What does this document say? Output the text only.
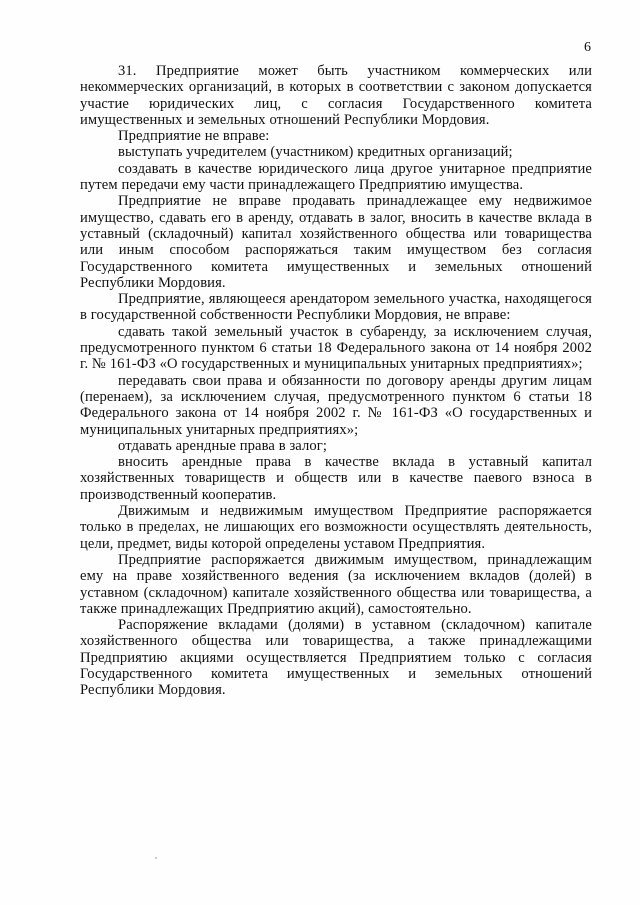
6

31. Предприятие может быть участником коммерческих или некоммерческих организаций, в которых в соответствии с законом допускается участие юридических лиц, с согласия Государственного комитета имущественных и земельных отношений Республики Мордовия.

Предприятие не вправе:

выступать учредителем (участником) кредитных организаций;

создавать в качестве юридического лица другое унитарное предприятие путем передачи ему части принадлежащего Предприятию имущества.

Предприятие не вправе продавать принадлежащее ему недвижимое имущество, сдавать его в аренду, отдавать в залог, вносить в качестве вклада в уставный (складочный) капитал хозяйственного общества или товарищества или иным способом распоряжаться таким имуществом без согласия Государственного комитета имущественных и земельных отношений Республики Мордовия.

Предприятие, являющееся арендатором земельного участка, находящегося в государственной собственности Республики Мордовия, не вправе:

сдавать такой земельный участок в субаренду, за исключением случая, предусмотренного пунктом 6 статьи 18 Федерального закона от 14 ноября 2002 г. № 161-ФЗ «О государственных и муниципальных унитарных предприятиях»;

передавать свои права и обязанности по договору аренды другим лицам (перенаем), за исключением случая, предусмотренного пунктом 6 статьи 18 Федерального закона от 14 ноября 2002 г. № 161-ФЗ «О государственных и муниципальных унитарных предприятиях»;

отдавать арендные права в залог;

вносить арендные права в качестве вклада в уставный капитал хозяйственных товариществ и обществ или в качестве паевого взноса в производственный кооператив.

Движимым и недвижимым имуществом Предприятие распоряжается только в пределах, не лишающих его возможности осуществлять деятельность, цели, предмет, виды которой определены уставом Предприятия.

Предприятие распоряжается движимым имуществом, принадлежащим ему на праве хозяйственного ведения (за исключением вкладов (долей) в уставном (складочном) капитале хозяйственного общества или товарищества, а также принадлежащих Предприятию акций), самостоятельно.

Распоряжение вкладами (долями) в уставном (складочном) капитале хозяйственного общества или товарищества, а также принадлежащими Предприятию акциями осуществляется Предприятием только с согласия Государственного комитета имущественных и земельных отношений Республики Мордовия.
